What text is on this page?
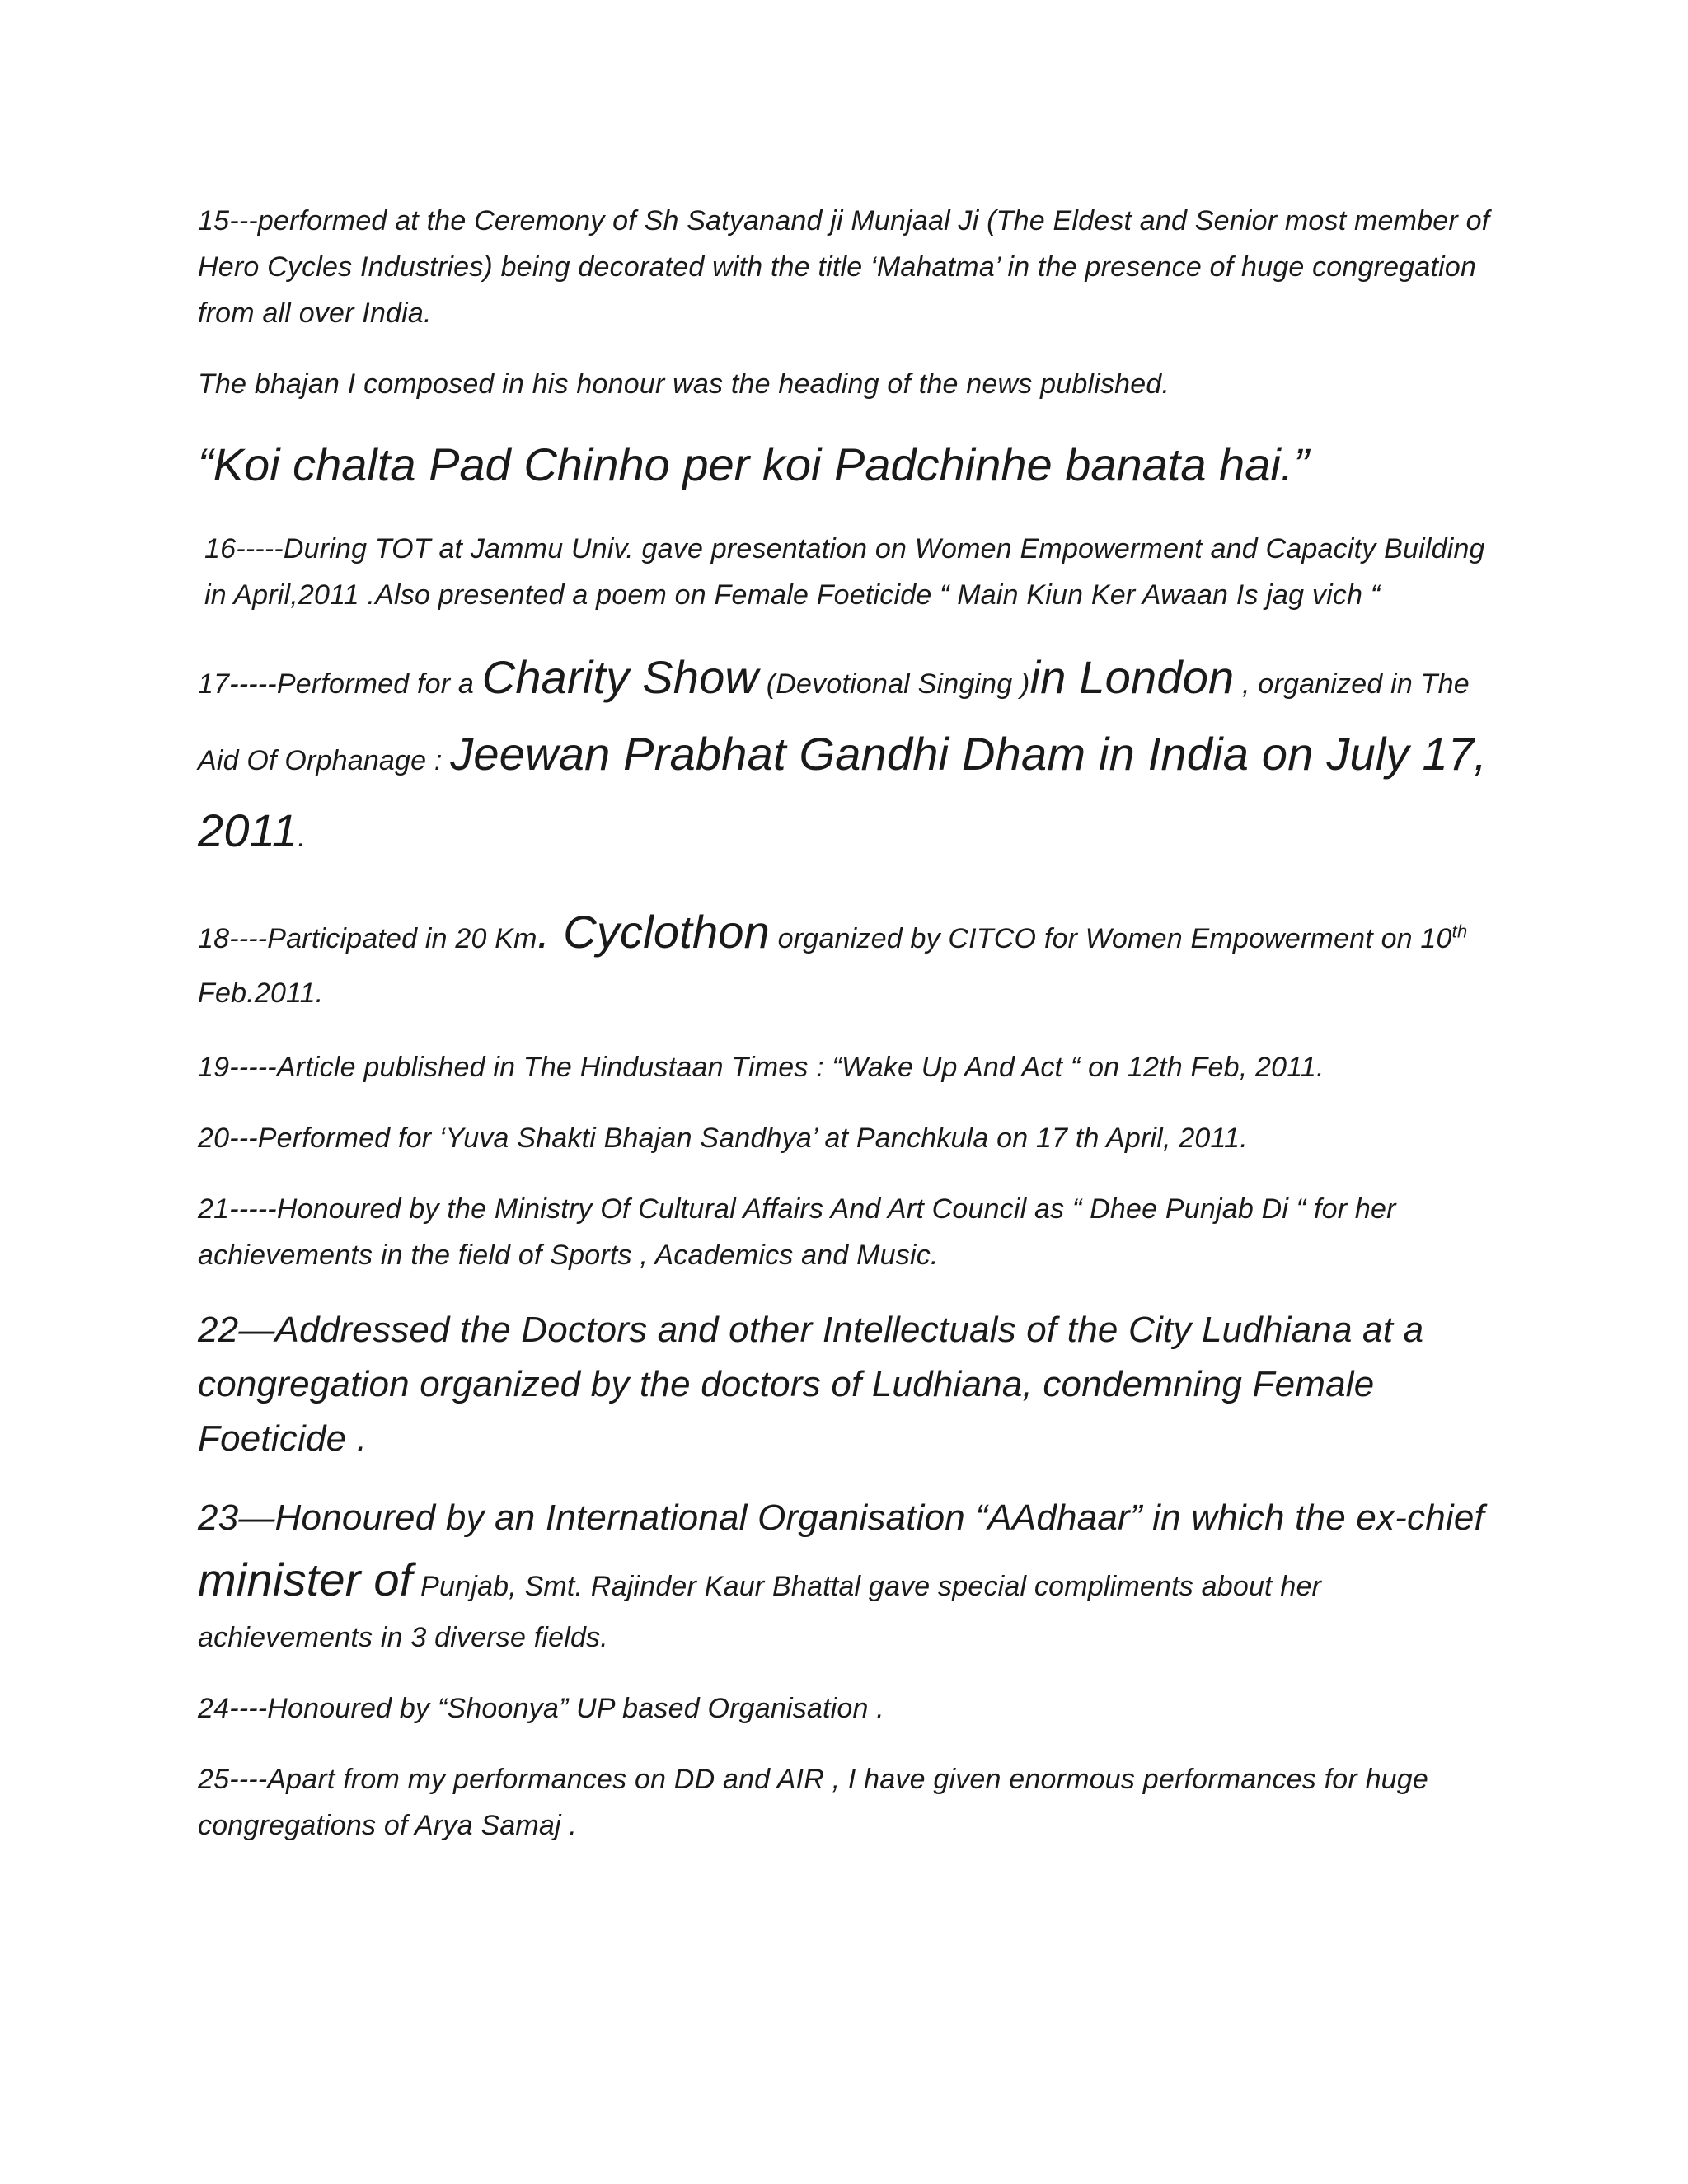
15---performed at the Ceremony of Sh Satyanand ji Munjaal Ji (The Eldest and Senior most member of Hero Cycles Industries) being decorated with the title ‘Mahatma’ in the presence of huge congregation from all over India.

The bhajan I composed in his honour was the heading of the news published.

“Koi chalta Pad Chinho per koi Padchinhe banata hai.”

16-----During TOT at Jammu Univ. gave presentation on Women Empowerment and Capacity Building in April,2011 .Also presented a poem on Female Foeticide “ Main Kiun Ker Awaan Is jag vich “

17-----Performed for a Charity Show (Devotional Singing )in London , organized in The Aid Of Orphanage : Jeewan Prabhat Gandhi Dham in India on July 17, 2011.

18----Participated in 20 Km. Cyclothon organized by CITCO for Women Empowerment on 10th Feb.2011.

19-----Article published in The Hindustaan Times : “Wake Up And Act “ on 12th Feb, 2011.

20---Performed for ‘Yuva Shakti Bhajan Sandhya’ at Panchkula on 17 th April, 2011.

21-----Honoured by the Ministry Of Cultural Affairs And Art Council as “ Dhee Punjab Di “ for her achievements in the field of Sports , Academics and Music.

22—Addressed the Doctors and other Intellectuals of the City Ludhiana at a congregation organized by the doctors of Ludhiana, condemning Female Foeticide .

23—Honoured by an International Organisation “AAdhaar” in which the ex-chief minister of Punjab, Smt. Rajinder Kaur Bhattal gave special compliments about her achievements in 3 diverse fields.

24----Honoured by “Shoonya” UP based Organisation .

25----Apart from my performances on DD and AIR , I have given enormous performances for huge congregations of Arya Samaj .
